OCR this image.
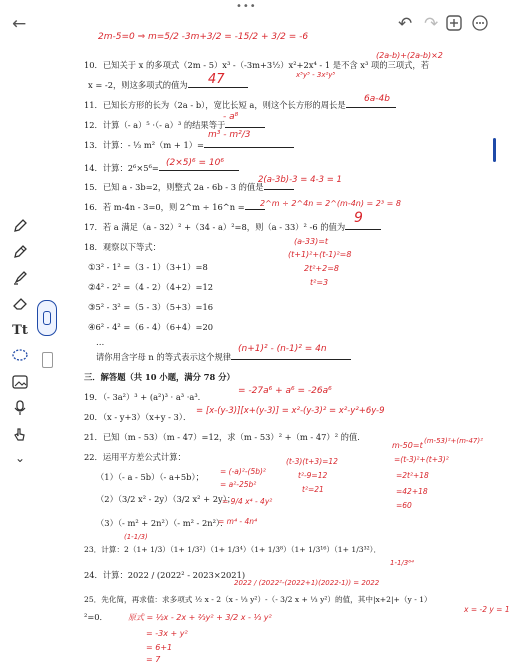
•••
←	↶ ↷
Tt
⌄
2m-5=0 ⇒ m=5/2 -3m+3/2 = -15/2 + 3/2 = -6
10．已知关于 x 的多项式（2m - 5）x³ -（-3m+3½）x²+2x⁴ - 1 是不含 x³ 项的三项式，若
(2a-b)+(2a-b)×2
x⁵y⁵ - 3x²y⁵
x = -2，则这多项式的值为	47
11．已知长方形的长为（2a - b），宽比长短 a，则这个长方形的周长是
6a-4b
12．计算（- a）⁵ ·（- a）³ 的结果等于
- a⁸
13．计算：- ⅓ m²（m + 1）=
m³ - m²/3
14．计算：2⁶×5⁶= (2×5)⁶ = 10⁶
15．已知 a - 3b=2，则整式 2a - 6b - 3 的值是
2(a-3b)-3 = 4-3 = 1
16．若 m-4n - 3=0，则 2^m ÷ 16^n =	2^m ÷ 2^4n = 2^(m-4n) = 2³ = 8
17．若 a 满足（a - 32）² +（34 - a）²=8，则（a - 33）² -6 的值为
9
(a-33)=t
(t+1)²+(t-1)²=8
2t²+2=8
t²=3
18．观察以下等式：
①3² - 1² =（3 - 1）（3+1）=8
②4² - 2² =（4 - 2）（4+2）=12
③5² - 3² =（5 - 3）（5+3）=16
④6² - 4² =（6 - 4）（6+4）=20
…
请你用含字母 n 的等式表示这个规律
(n+1)² - (n-1)² = 4n
三．解答题（共 10 小题，满分 78 分）
19．（- 3a²）³ + (a²)³ · a³ ·a³.
= -27a⁶ + a⁶ = -26a⁶
20．（x - y+3）（x+y - 3）．
= [x-(y-3)][x+(y-3)] = x²-(y-3)² = x²-y²+6y-9
21．已知（m - 53）（m - 47）=12，求（m - 53）² +（m - 47）² 的值．
m-50=t (m-53)²+(m-47)²
(t-3)(t+3)=12
t²-9=12
t²=21
=(t-3)²+(t+3)²
=2t²+18
=42+18
=60
22．运用平方差公式计算：
（1）（- a - 5b）（- a+5b）；
= (-a)²-(5b)²
= a²-25b²
（2）（3/2 x² - 2y）（3/2 x² + 2y）；
= 9/4 x⁴ - 4y²
（3）（- m² + 2n²）（- m² - 2n²）．
= m⁴ - 4n⁴
23．计算：2（1+ 1/3）（1+ 1/3²）（1+ 1/3⁴）（1+ 1/3⁸）（1+ 1/3¹⁶）（1+ 1/3³²）．
(1-1/3)
1-1/3⁶⁴
24．计算：2022 / (2022² - 2023×2021)
2022 / (2022²-(2022+1)(2022-1)) = 2022
25．先化简，再求值：求多项式 ½ x - 2（x - ⅓ y²）-（- 3/2 x + ⅓ y²）的值，其中|x+2|+（y - 1）
²=0．
x = -2 y = 1
原式 = ½x - 2x + ⅔y² + 3/2 x - ⅓ y²
= -3x + y²
= 6+1
= 7
